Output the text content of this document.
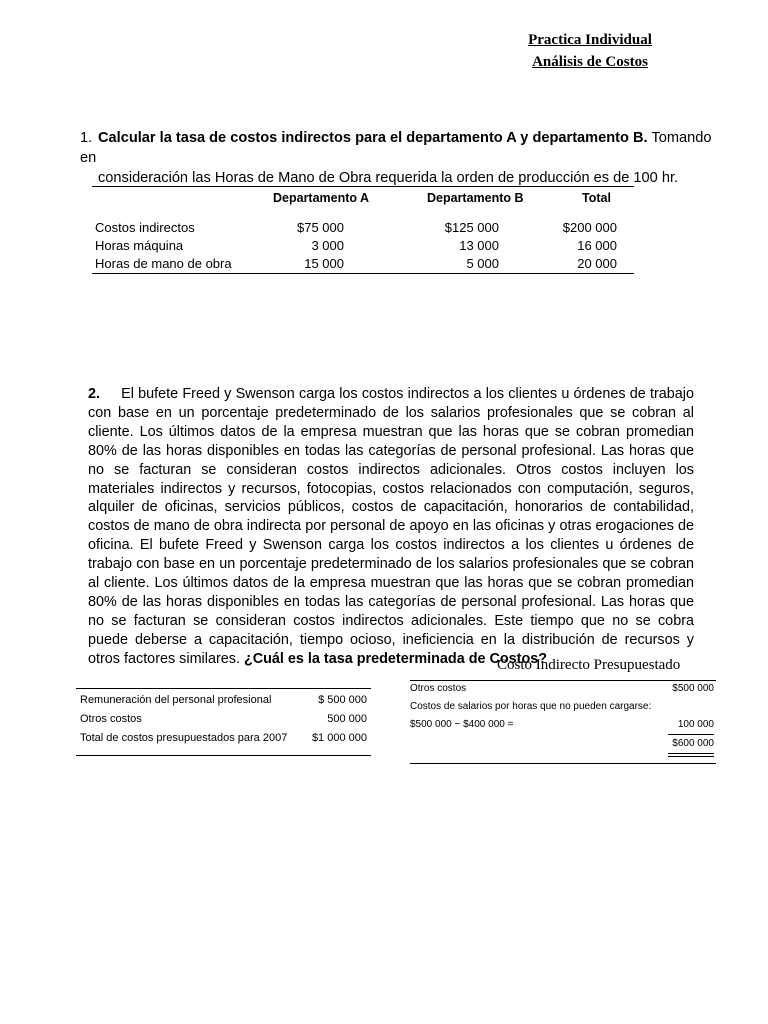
Practica Individual
Análisis de Costos
1. Calcular la tasa de costos indirectos para el departamento A y departamento B. Tomando en
consideración las Horas de Mano de Obra requerida la orden de producción es de 100 hr.
Departamento A	Departamento B	Total
Costos indirectos	$75 000	$125 000	$200 000
Horas máquina	3 000	13 000	16 000
Horas de mano de obra	15 000	5 000	20 000
2. El bufete Freed y Swenson carga los costos indirectos a los clientes u órdenes de trabajo con base en un porcentaje predeterminado de los salarios profesionales que se cobran al cliente. Los últimos datos de la empresa muestran que las horas que se cobran promedian 80% de las horas disponibles en todas las categorías de personal profesional. Las horas que no se facturan se consideran costos indirectos adicionales. Otros costos incluyen los materiales indirectos y recursos, fotocopias, costos relacionados con computación, seguros, alquiler de oficinas, servicios públicos, costos de capacitación, honorarios de contabilidad, costos de mano de obra indirecta por personal de apoyo en las oficinas y otras erogaciones de oficina. El bufete Freed y Swenson carga los costos indirectos a los clientes u órdenes de trabajo con base en un porcentaje predeterminado de los salarios profesionales que se cobran al cliente. Los últimos datos de la empresa muestran que las horas que se cobran promedian 80% de las horas disponibles en todas las categorías de personal profesional. Las horas que no se facturan se consideran costos indirectos adicionales. Este tiempo que no se cobra puede deberse a capacitación, tiempo ocioso, ineficiencia en la distribución de recursos y otros factores similares. ¿Cuál es la tasa predeterminada de Costos?
Remuneración del personal profesional	$ 500 000
Otros costos	500 000
Total de costos presupuestados para 2007 $1 000 000
Costo Indirecto Presupuestado
Otros costos	$500 000
Costos de salarios por horas que no pueden cargarse:
$500 000 − $400 000 =	100 000
$600 000
